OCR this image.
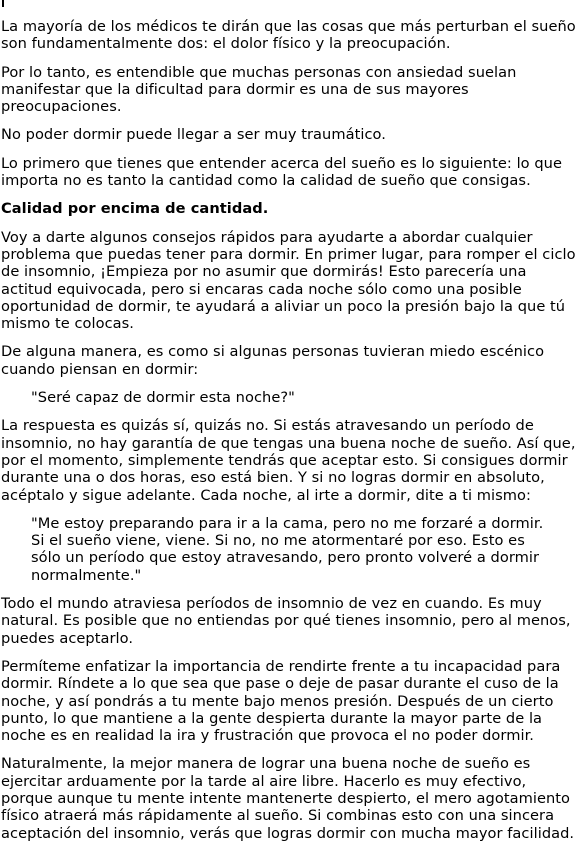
La mayoría de los médicos te dirán que las cosas que más perturban el sueño son fundamentalmente dos: el dolor físico y la preocupación.

Por lo tanto, es entendible que muchas personas con ansiedad suelan manifestar que la dificultad para dormir es una de sus mayores preocupaciones.

No poder dormir puede llegar a ser muy traumático.

Lo primero que tienes que entender acerca del sueño es lo siguiente: lo que importa no es tanto la cantidad como la calidad de sueño que consigas.

Calidad por encima de cantidad.

Voy a darte algunos consejos rápidos para ayudarte a abordar cualquier problema que puedas tener para dormir. En primer lugar, para romper el ciclo de insomnio, ¡Empieza por no asumir que dormirás! Esto parecería una actitud equivocada, pero si encaras cada noche sólo como una posible oportunidad de dormir, te ayudará a aliviar un poco la presión bajo la que tú mismo te colocas.

De alguna manera, es como si algunas personas tuvieran miedo escénico cuando piensan en dormir:

"Seré capaz de dormir esta noche?"

La respuesta es quizás sí, quizás no. Si estás atravesando un período de insomnio, no hay garantía de que tengas una buena noche de sueño. Así que, por el momento, simplemente tendrás que aceptar esto. Si consigues dormir durante una o dos horas, eso está bien. Y si no logras dormir en absoluto, acéptalo y sigue adelante. Cada noche, al irte a dormir, dite a ti mismo:

"Me estoy preparando para ir a la cama, pero no me forzaré a dormir. Si el sueño viene, viene. Si no, no me atormentaré por eso. Esto es sólo un período que estoy atravesando, pero pronto volveré a dormir normalmente."

Todo el mundo atraviesa períodos de insomnio de vez en cuando. Es muy natural. Es posible que no entiendas por qué tienes insomnio, pero al menos, puedes aceptarlo.

Permíteme enfatizar la importancia de rendirte frente a tu incapacidad para dormir. Ríndete a lo que sea que pase o deje de pasar durante el cuso de la noche, y así pondrás a tu mente bajo menos presión. Después de un cierto punto, lo que mantiene a la gente despierta durante la mayor parte de la noche es en realidad la ira y frustración que provoca el no poder dormir.

Naturalmente, la mejor manera de lograr una buena noche de sueño es ejercitar arduamente por la tarde al aire libre. Hacerlo es muy efectivo, porque aunque tu mente intente mantenerte despierto, el mero agotamiento físico atraerá más rápidamente al sueño. Si combinas esto con una sincera aceptación del insomnio, verás que logras dormir con mucha mayor facilidad.
